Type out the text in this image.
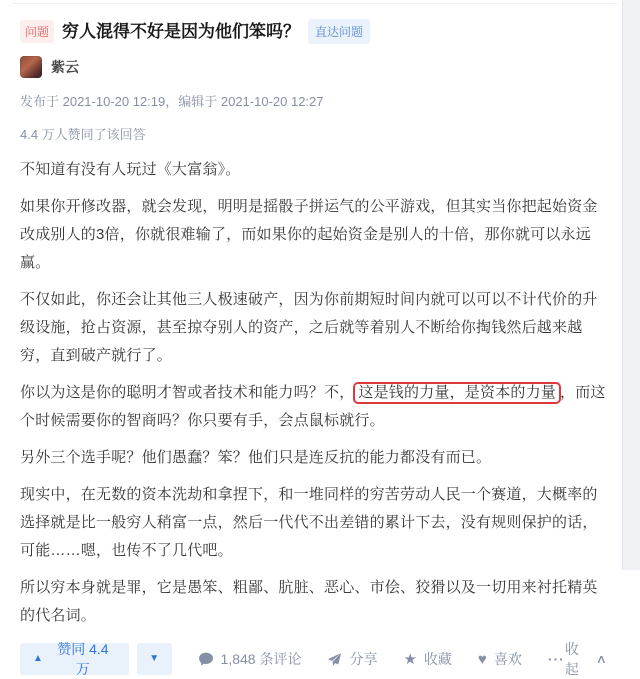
问题 穷人混得不好是因为他们笨吗？	直达问题
紫云
发布于 2021-10-20 12:19，编辑于 2021-10-20 12:27
4.4 万人赞同了该回答

不知道有没有人玩过《大富翁》。

如果你开修改器，就会发现，明明是摇骰子拼运气的公平游戏，但其实当你把起始资金改成别人的3倍，你就很难输了，而如果你的起始资金是别人的十倍，那你就可以永远赢。

不仅如此，你还会让其他三人极速破产，因为你前期短时间内就可以可以不计代价的升级设施，抢占资源，甚至掠夺别人的资产，之后就等着别人不断给你掏钱然后越来越穷，直到破产就行了。

你以为这是你的聪明才智或者技术和能力吗？不， 这是钱的力量，是资本的力量 ，而这个时候需要你的智商吗？你只要有手，会点鼠标就行。

另外三个选手呢？他们愚蠢？笨？他们只是连反抗的能力都没有而已。

现实中，在无数的资本洗劫和拿捏下，和一堆同样的穷苦劳动人民一个赛道，大概率的选择就是比一般穷人稍富一点，然后一代代不出差错的累计下去，没有规则保护的话，可能……嗯，也传不了几代吧。

所以穷本身就是罪，它是愚笨、粗鄙、肮脏、恶心、市侩、狡猾以及一切用来衬托精英的代名词。

▲
赞同 4.4 万
▼	1,848 条评论	分享 ★ 收藏 ♥ 喜欢 ···
收起
∧
